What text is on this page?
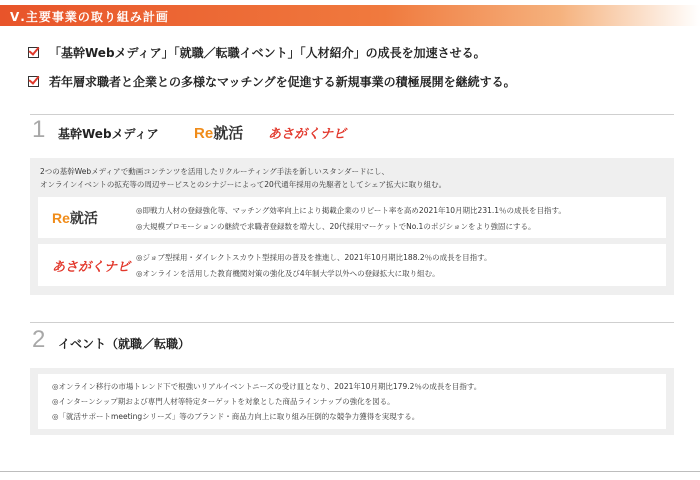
Ⅴ.主要事業の取り組み計画
「基幹Webメディア」「就職／転職イベント」「人材紹介」の成長を加速させる。
若年層求職者と企業との多様なマッチングを促進する新規事業の積極展開を継続する。
1 基幹Webメディア Re就活 あさがくナビ
2つの基幹Webメディアで動画コンテンツを活用したリクルーティング手法を新しいスタンダードにし、
オンラインイベントの拡充等の周辺サービスとのシナジーによって20代通年採用の先駆者としてシェア拡大に取り組む。
Re就活	◎即戦力人材の登録強化等、マッチング効率向上により掲載企業のリピート率を高め2021年10月期比231.1％の成長を目指す。
◎大規模プロモーションの継続で求職者登録数を増大し、20代採用マーケットでNo.1のポジションをより強固にする。
あさがくナビ
◎ジョブ型採用・ダイレクトスカウト型採用の普及を推進し、2021年10月期比188.2％の成長を目指す。
◎オンラインを活用した教育機関対策の強化及び4年制大学以外への登録拡大に取り組む。
2 イベント（就職／転職）
◎オンライン移行の市場トレンド下で根強いリアルイベントニーズの受け皿となり、2021年10月期比179.2％の成長を目指す。
◎インターンシップ期および専門人材等特定ターゲットを対象とした商品ラインナップの強化を図る。
◎「就活サポートmeetingシリーズ」等のブランド・商品力向上に取り組み圧倒的な競争力獲得を実現する。
